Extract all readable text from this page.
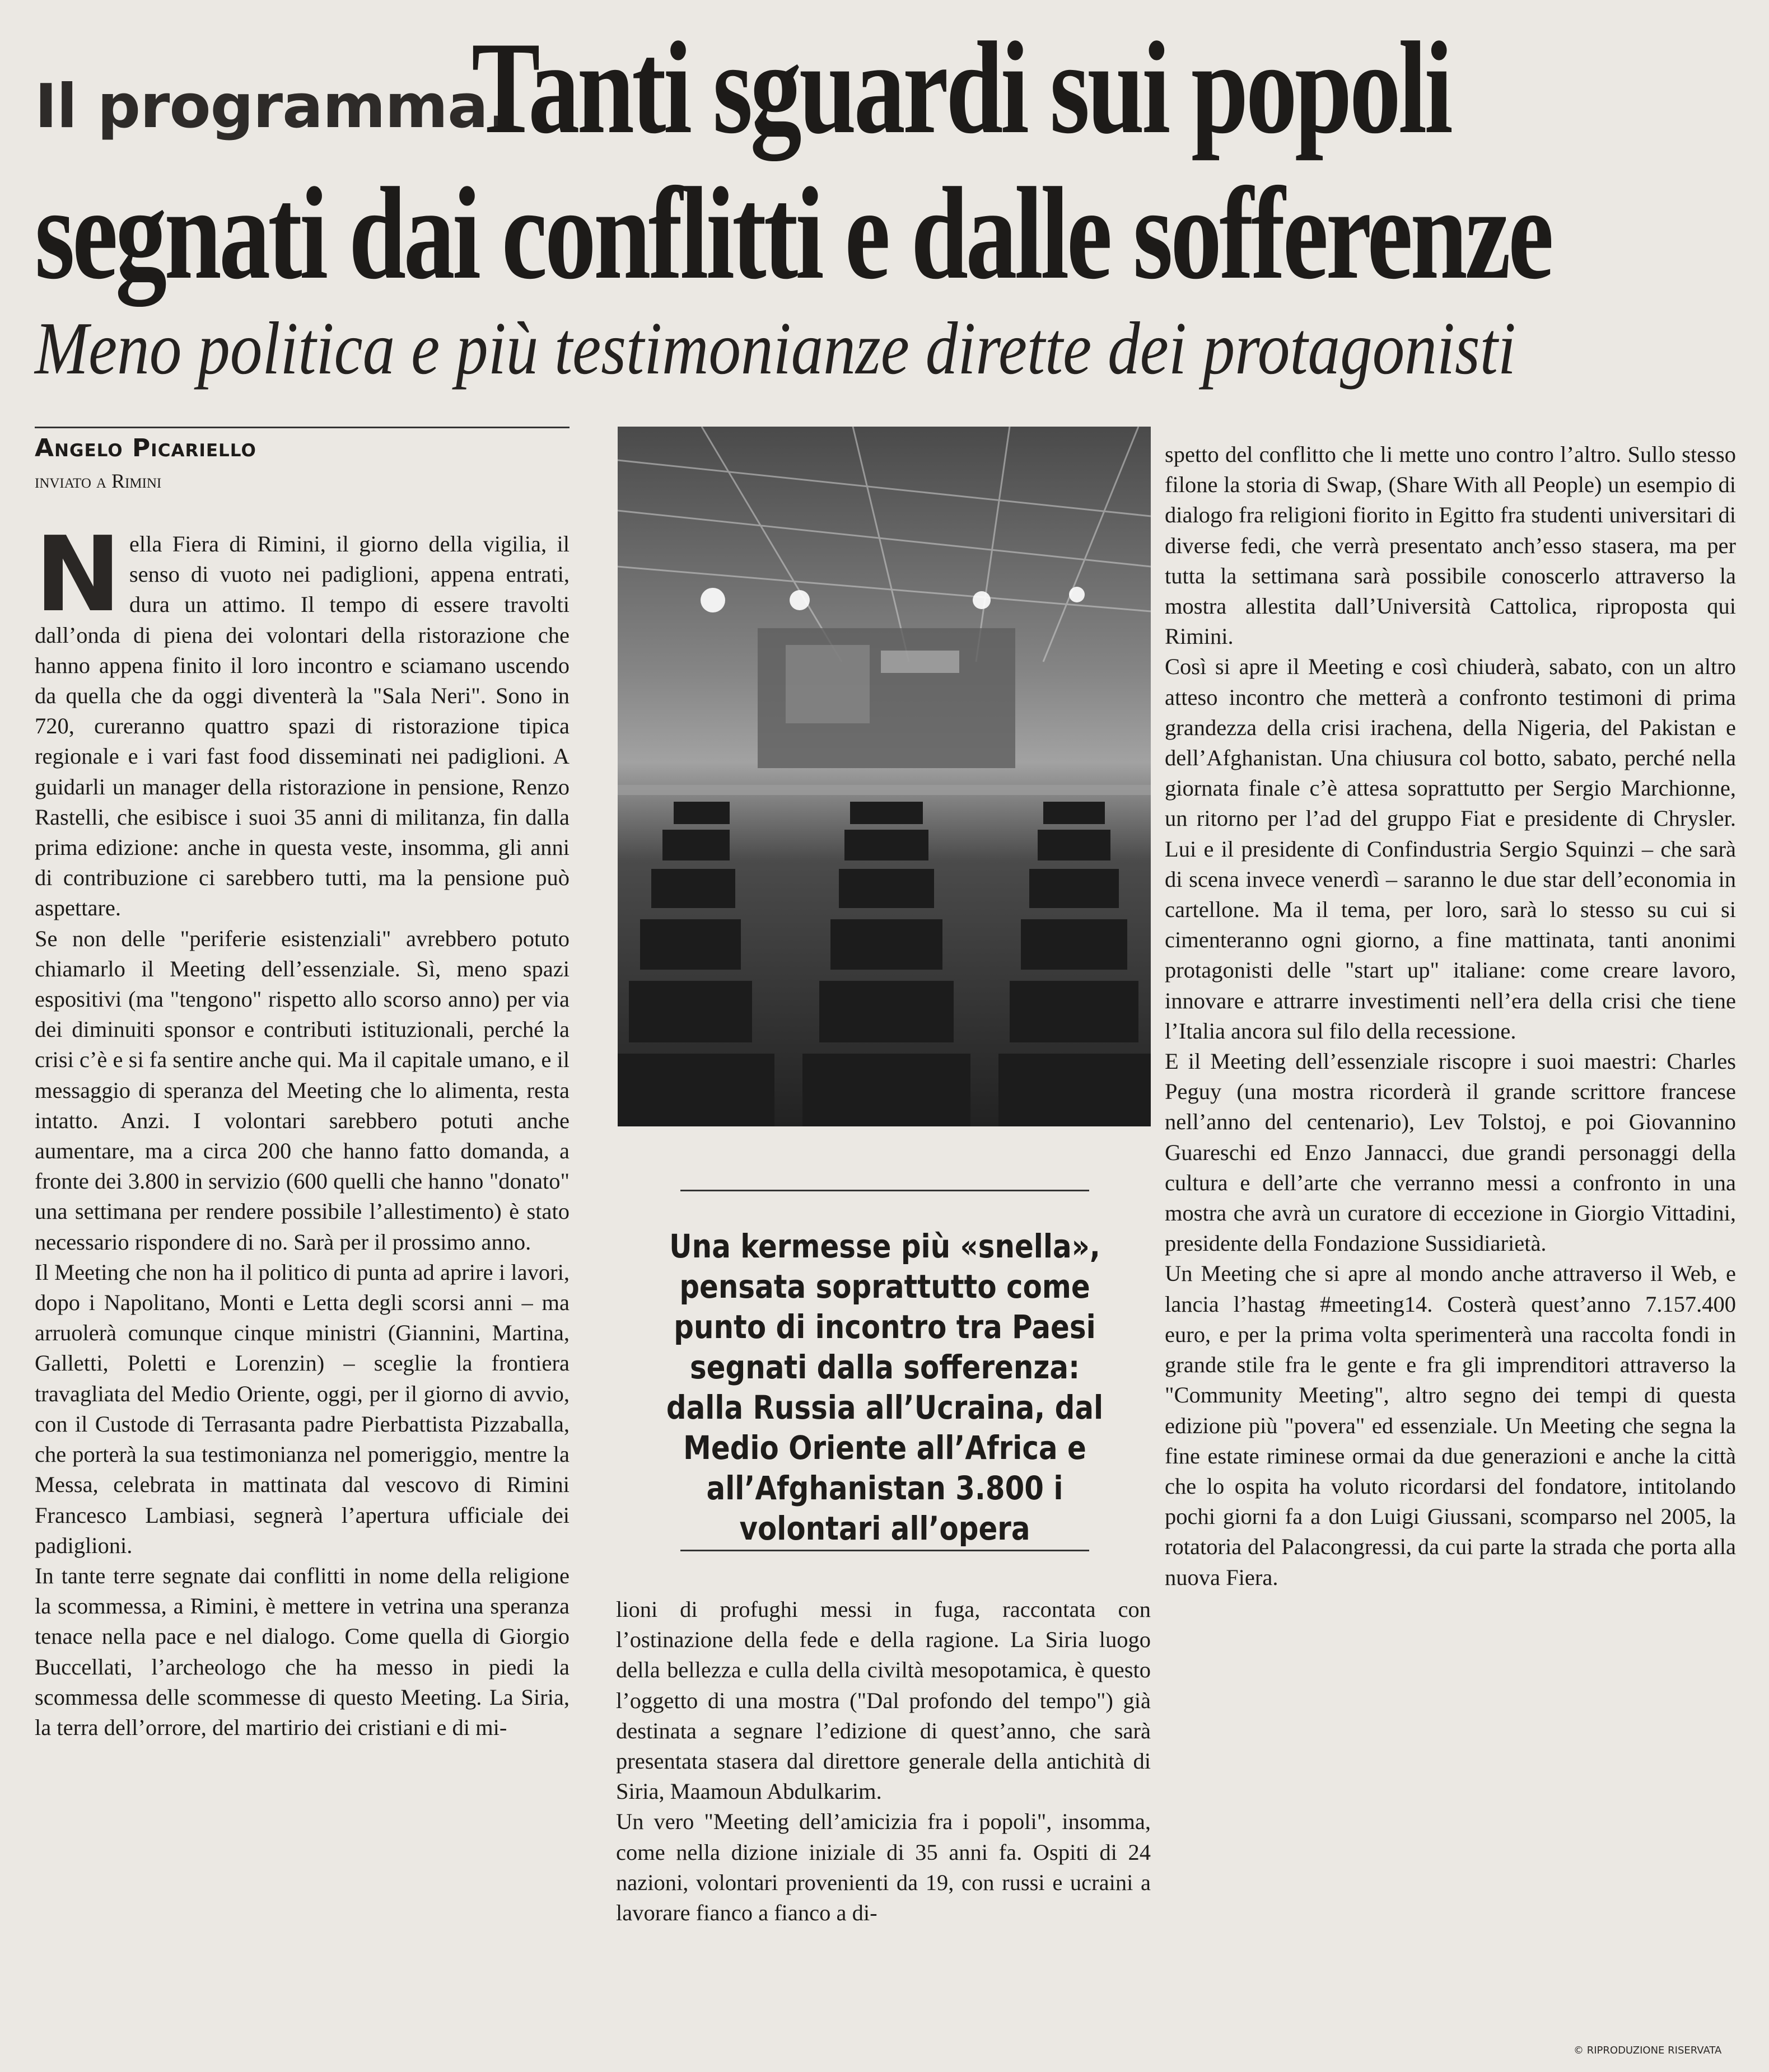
Il programma.
Tanti sguardi sui popoli
segnati dai conflitti e dalle sofferenze
Meno politica e più testimonianze dirette dei protagonisti
Angelo Picariello
inviato a Rimini
N ella Fiera di Rimini, il giorno della vigilia, il senso di vuoto nei padiglioni, appena entrati, dura un attimo. Il tempo di essere travolti dall’onda di piena dei volontari della ristorazione che hanno appena finito il loro incontro e sciamano uscendo da quella che da oggi diventerà la "Sala Neri". Sono in 720, cureranno quattro spazi di ristorazione tipica regionale e i vari fast food disseminati nei padiglioni. A guidarli un manager della ristorazione in pensione, Renzo Rastelli, che esibisce i suoi 35 anni di militanza, fin dalla prima edizione: anche in questa veste, insomma, gli anni di contribuzione ci sarebbero tutti, ma la pensione può aspettare.

Se non delle "periferie esistenziali" avrebbero potuto chiamarlo il Meeting dell’essenziale. Sì, meno spazi espositivi (ma "tengono" rispetto allo scorso anno) per via dei diminuiti sponsor e contributi istituzionali, perché la crisi c’è e si fa sentire anche qui. Ma il capitale umano, e il messaggio di speranza del Meeting che lo alimenta, resta intatto. Anzi. I volontari sarebbero potuti anche aumentare, ma a circa 200 che hanno fatto domanda, a fronte dei 3.800 in servizio (600 quelli che hanno "donato" una settimana per rendere possibile l’allestimento) è stato necessario rispondere di no. Sarà per il prossimo anno.

Il Meeting che non ha il politico di punta ad aprire i lavori, dopo i Napolitano, Monti e Letta degli scorsi anni – ma arruolerà comunque cinque ministri (Giannini, Martina, Galletti, Poletti e Lorenzin) – sceglie la frontiera travagliata del Medio Oriente, oggi, per il giorno di avvio, con il Custode di Terrasanta padre Pierbattista Pizzaballa, che porterà la sua testimonianza nel pomeriggio, mentre la Messa, celebrata in mattinata dal vescovo di Rimini Francesco Lambiasi, segnerà l’apertura ufficiale dei padiglioni.

In tante terre segnate dai conflitti in nome della religione la scommessa, a Rimini, è mettere in vetrina una speranza tenace nella pace e nel dialogo. Come quella di Giorgio Buccellati, l’archeologo che ha messo in piedi la scommessa delle scommesse di questo Meeting. La Siria, la terra dell’orrore, del martirio dei cristiani e di mi-

Una kermesse più «snella», pensata soprattutto come punto di incontro tra Paesi segnati dalla sofferenza: dalla Russia all’Ucraina, dal Medio Oriente all’Africa e all’Afghanistan 3.800 i volontari all’opera

lioni di profughi messi in fuga, raccontata con l’ostinazione della fede e della ragione. La Siria luogo della bellezza e culla della civiltà mesopotamica, è questo l’oggetto di una mostra ("Dal profondo del tempo") già destinata a segnare l’edizione di quest’anno, che sarà presentata stasera dal direttore generale della antichità di Siria, Maamoun Abdulkarim.

Un vero "Meeting dell’amicizia fra i popoli", insomma, come nella dizione iniziale di 35 anni fa. Ospiti di 24 nazioni, volontari provenienti da 19, con russi e ucraini a lavorare fianco a fianco a di-

spetto del conflitto che li mette uno contro l’altro. Sullo stesso filone la storia di Swap, (Share With all People) un esempio di dialogo fra religioni fiorito in Egitto fra studenti universitari di diverse fedi, che verrà presentato anch’esso stasera, ma per tutta la settimana sarà possibile conoscerlo attraverso la mostra allestita dall’Università Cattolica, riproposta qui Rimini.

Così si apre il Meeting e così chiuderà, sabato, con un altro atteso incontro che metterà a confronto testimoni di prima grandezza della crisi irachena, della Nigeria, del Pakistan e dell’Afghanistan. Una chiusura col botto, sabato, perché nella giornata finale c’è attesa soprattutto per Sergio Marchionne, un ritorno per l’ad del gruppo Fiat e presidente di Chrysler. Lui e il presidente di Confindustria Sergio Squinzi – che sarà di scena invece venerdì – saranno le due star dell’economia in cartellone. Ma il tema, per loro, sarà lo stesso su cui si cimenteranno ogni giorno, a fine mattinata, tanti anonimi protagonisti delle "start up" italiane: come creare lavoro, innovare e attrarre investimenti nell’era della crisi che tiene l’Italia ancora sul filo della recessione.

E il Meeting dell’essenziale riscopre i suoi maestri: Charles Peguy (una mostra ricorderà il grande scrittore francese nell’anno del centenario), Lev Tolstoj, e poi Giovannino Guareschi ed Enzo Jannacci, due grandi personaggi della cultura e dell’arte che verranno messi a confronto in una mostra che avrà un curatore di eccezione in Giorgio Vittadini, presidente della Fondazione Sussidiarietà.

Un Meeting che si apre al mondo anche attraverso il Web, e lancia l’hastag #meeting14. Costerà quest’anno 7.157.400 euro, e per la prima volta sperimenterà una raccolta fondi in grande stile fra le gente e fra gli imprenditori attraverso la "Community Meeting", altro segno dei tempi di questa edizione più "povera" ed essenziale. Un Meeting che segna la fine estate riminese ormai da due generazioni e anche la città che lo ospita ha voluto ricordarsi del fondatore, intitolando pochi giorni fa a don Luigi Giussani, scomparso nel 2005, la rotatoria del Palacongressi, da cui parte la strada che porta alla nuova Fiera.

© RIPRODUZIONE RISERVATA
